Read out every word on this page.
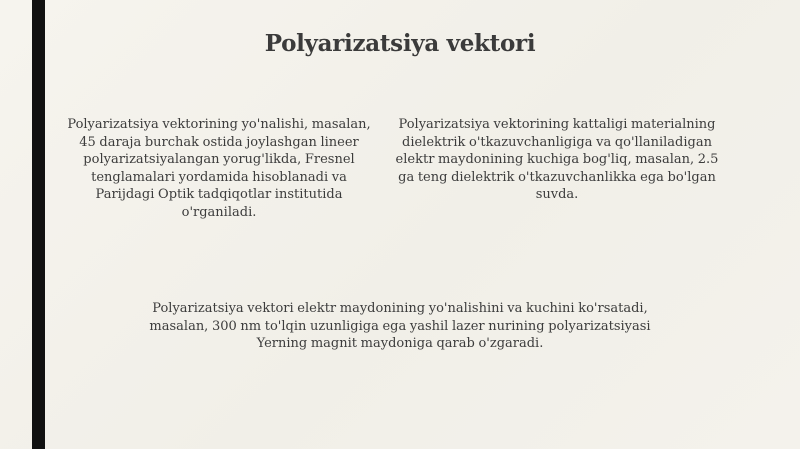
Polyarizatsiya vektori
Polyarizatsiya vektorining yo'nalishi, masalan, 45 daraja burchak ostida joylashgan lineer polyarizatsiyalangan yorug'likda, Fresnel tenglamalari yordamida hisoblanadi va Parijdagi Optik tadqiqotlar institutida o'rganiladi.
Polyarizatsiya vektorining kattaligi materialning dielektrik o'tkazuvchanligiga va qo'llaniladigan elektr maydonining kuchiga bog'liq, masalan, 2.5 ga teng dielektrik o'tkazuvchanlikka ega bo'lgan suvda.
Polyarizatsiya vektori elektr maydonining yo'nalishini va kuchini ko'rsatadi, masalan, 300 nm to'lqin uzunligiga ega yashil lazer nurining polyarizatsiyasi Yerning magnit maydoniga qarab o'zgaradi.
